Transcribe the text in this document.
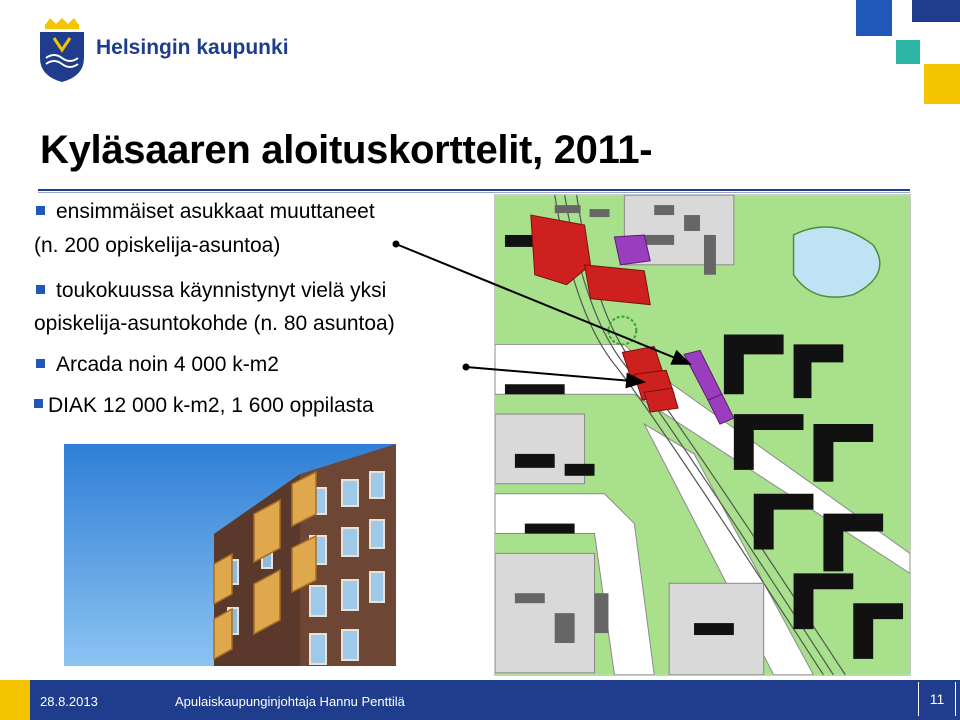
Helsingin kaupunki
Kyläsaaren aloituskorttelit, 2011-
ensimmäiset asukkaat muuttaneet
(n. 200 opiskelija-asuntoa)
toukokuussa käynnistynyt vielä yksi
opiskelija-asuntokohde (n. 80 asuntoa)
Arcada noin 4 000 k-m2
DIAK 12 000 k-m2, 1 600 oppilasta
28.8.2013	Apulaiskaupunginjohtaja Hannu Penttilä	11
